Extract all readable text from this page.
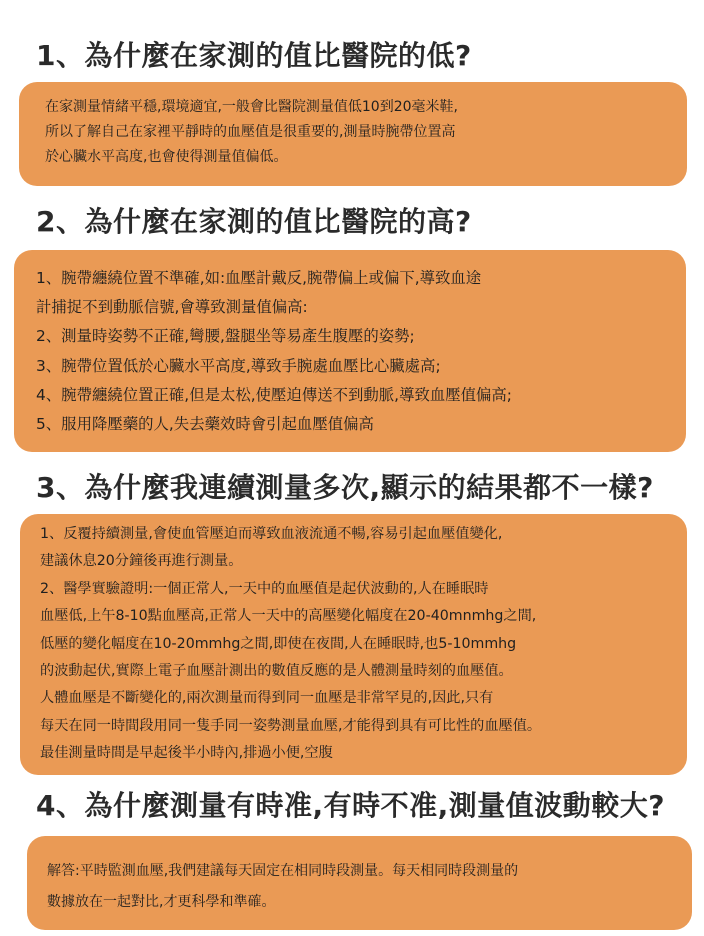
1、為什麼在家測的值比醫院的低?
在家測量情緒平穩,環境適宜,一般會比醫院測量值低10到20毫米鞋,
所以了解自己在家裡平靜時的血壓值是很重要的,測量時腕帶位置高
於心臟水平高度,也會使得測量值偏低。
2、為什麼在家測的值比醫院的高?
1、腕帶纏繞位置不準確,如:血壓計戴反,腕帶偏上或偏下,導致血途
計捕捉不到動脈信號,會導致測量值偏高:
2、測量時姿勢不正確,彎腰,盤腿坐等易產生腹壓的姿勢;
3、腕帶位置低於心臟水平高度,導致手腕處血壓比心臟處高;
4、腕帶纏繞位置正確,但是太松,使壓迫傳送不到動脈,導致血壓值偏高;
5、服用降壓藥的人,失去藥效時會引起血壓值偏高
3、為什麼我連續測量多次,顯示的結果都不一樣?
1、反覆持續測量,會使血管壓迫而導致血液流通不暢,容易引起血壓值變化,
建議休息20分鐘後再進行測量。
2、醫學實驗證明:一個正常人,一天中的血壓值是起伏波動的,人在睡眠時
血壓低,上午8-10點血壓高,正常人一天中的高壓變化幅度在20-40mnmhg之間,
低壓的變化幅度在10-20mmhg之間,即使在夜間,人在睡眠時,也5-10mmhg
的波動起伏,實際上電子血壓計測出的數值反應的是人體測量時刻的血壓值。
人體血壓是不斷變化的,兩次測量而得到同一血壓是非常罕見的,因此,只有
每天在同一時間段用同一隻手同一姿勢測量血壓,才能得到具有可比性的血壓值。
最佳測量時間是早起後半小時內,排過小便,空腹
4、為什麼測量有時准,有時不准,測量值波動較大?
解答:平時監測血壓,我們建議每天固定在相同時段測量。每天相同時段測量的
數據放在一起對比,才更科學和準確。
